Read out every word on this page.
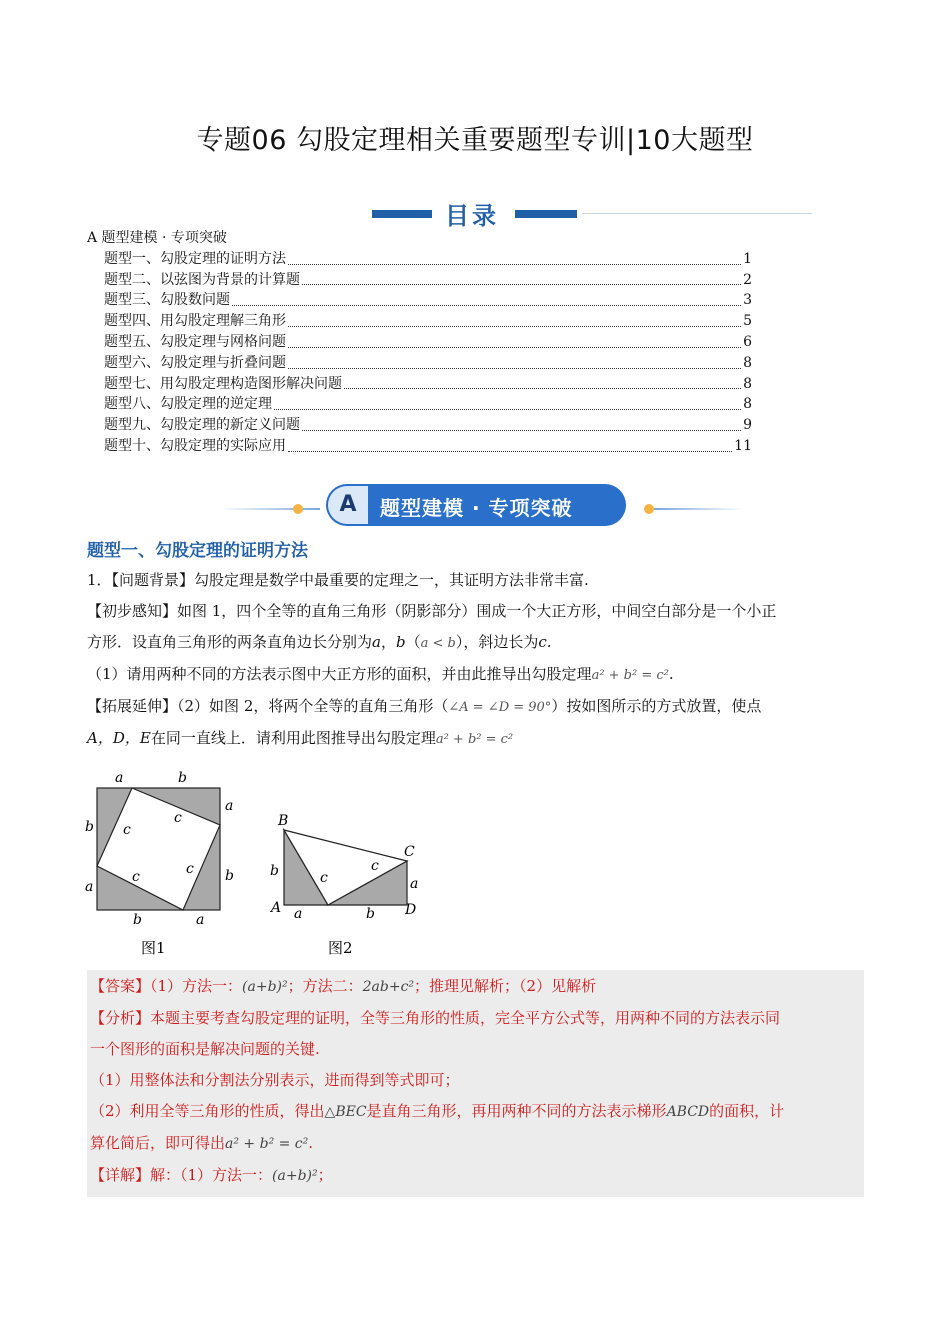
专题06 勾股定理相关重要题型专训|10大题型
目录
A 题型建模 · 专项突破
题型一、勾股定理的证明方法	1
题型二、以弦图为背景的计算题	2
题型三、勾股数问题	3
题型四、用勾股定理解三角形	5
题型五、勾股定理与网格问题	6
题型六、勾股定理与折叠问题	8
题型七、用勾股定理构造图形解决问题	8
题型八、勾股定理的逆定理	8
题型九、勾股定理的新定义问题	9
题型十、勾股定理的实际应用	11
A	题型建模 · 专项突破
题型一、勾股定理的证明方法
1．【问题背景】勾股定理是数学中最重要的定理之一，其证明方法非常丰富.
【初步感知】如图 1，四个全等的直角三角形（阴影部分）围成一个大正方形，中间空白部分是一个小正
方形．设直角三角形的两条直角边长分别为a，b（a < b），斜边长为c.
（1）请用两种不同的方法表示图中大正方形的面积，并由此推导出勾股定理a² + b² = c².
【拓展延伸】（2）如图 2，将两个全等的直角三角形（∠A = ∠D = 90°）按如图所示的方式放置，使点
A，D，E在同一直线上．请利用此图推导出勾股定理a² + b² = c²
a	b
a
b
c
c
c
c	b
a
b	a
图1
B
C
b	c
c
a
A a	b D
图2
【答案】（1）方法一：(a+b)²；方法二：2ab+c²；推理见解析；（2）见解析
【分析】本题主要考查勾股定理的证明，全等三角形的性质，完全平方公式等，用两种不同的方法表示同
一个图形的面积是解决问题的关键.
（1）用整体法和分割法分别表示，进而得到等式即可；
（2）利用全等三角形的性质，得出△BEC是直角三角形，再用两种不同的方法表示梯形ABCD的面积，计
算化简后，即可得出a² + b² = c².
【详解】解：（1）方法一：(a+b)²；
